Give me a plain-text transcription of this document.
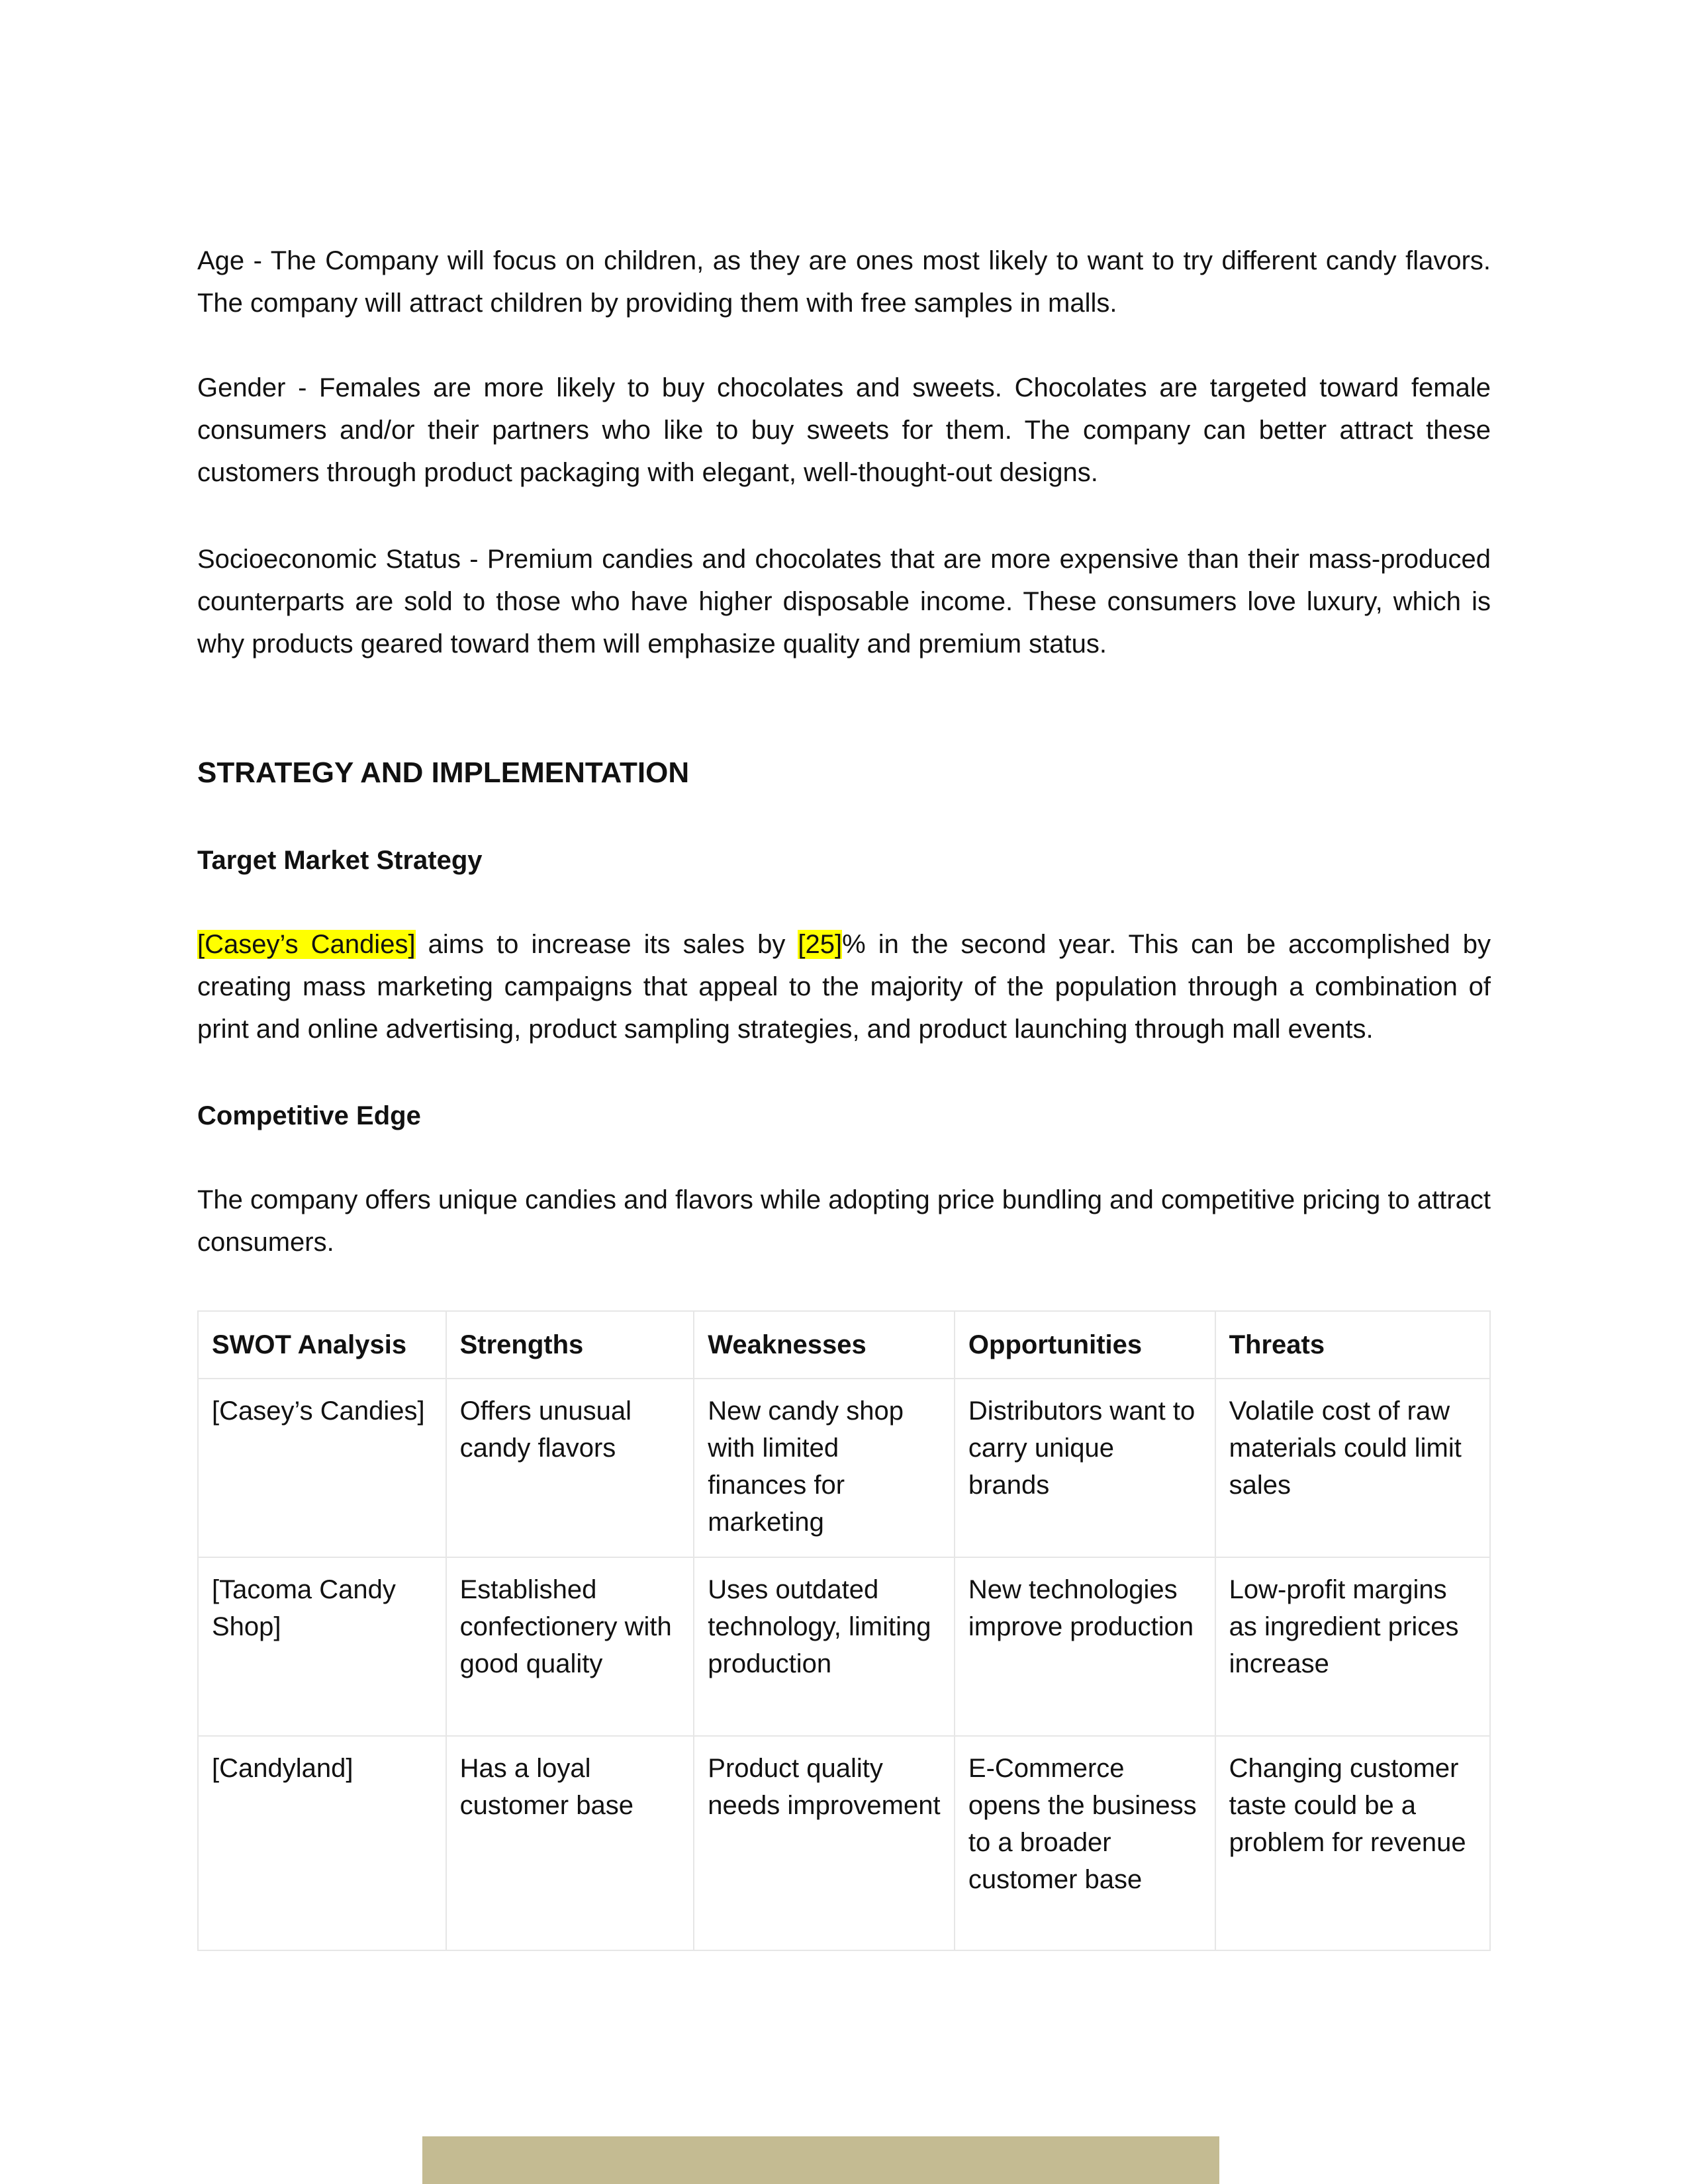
Age - The Company will focus on children, as they are ones most likely to want to try different candy flavors. The company will attract children by providing them with free samples in malls.

Gender - Females are more likely to buy chocolates and sweets. Chocolates are targeted toward female consumers and/or their partners who like to buy sweets for them. The company can better attract these customers through product packaging with elegant, well-thought-out designs.

Socioeconomic Status - Premium candies and chocolates that are more expensive than their mass-produced counterparts are sold to those who have higher disposable income. These consumers love luxury, which is why products geared toward them will emphasize quality and premium status.

STRATEGY AND IMPLEMENTATION
Target Market Strategy

[Casey’s Candies] aims to increase its sales by [25]% in the second year. This can be accomplished by creating mass marketing campaigns that appeal to the majority of the population through a combination of print and online advertising, product sampling strategies, and product launching through mall events.

Competitive Edge

The company offers unique candies and flavors while adopting price bundling and competitive pricing to attract consumers.

SWOT Analysis	Strengths	Weaknesses	Opportunities	Threats
[Casey’s Candies]	Offers unusual candy flavors	New candy shop with limited finances for marketing	Distributors want to carry unique brands	Volatile cost of raw materials could limit sales
[Tacoma Candy Shop]	Established confectionery with good quality	Uses outdated technology, limiting production	New technologies improve production	Low-profit margins as ingredient prices increase
[Candyland]	Has a loyal customer base	Product quality needs improvement	E-Commerce opens the business to a broader customer base	Changing customer taste could be a problem for revenue
